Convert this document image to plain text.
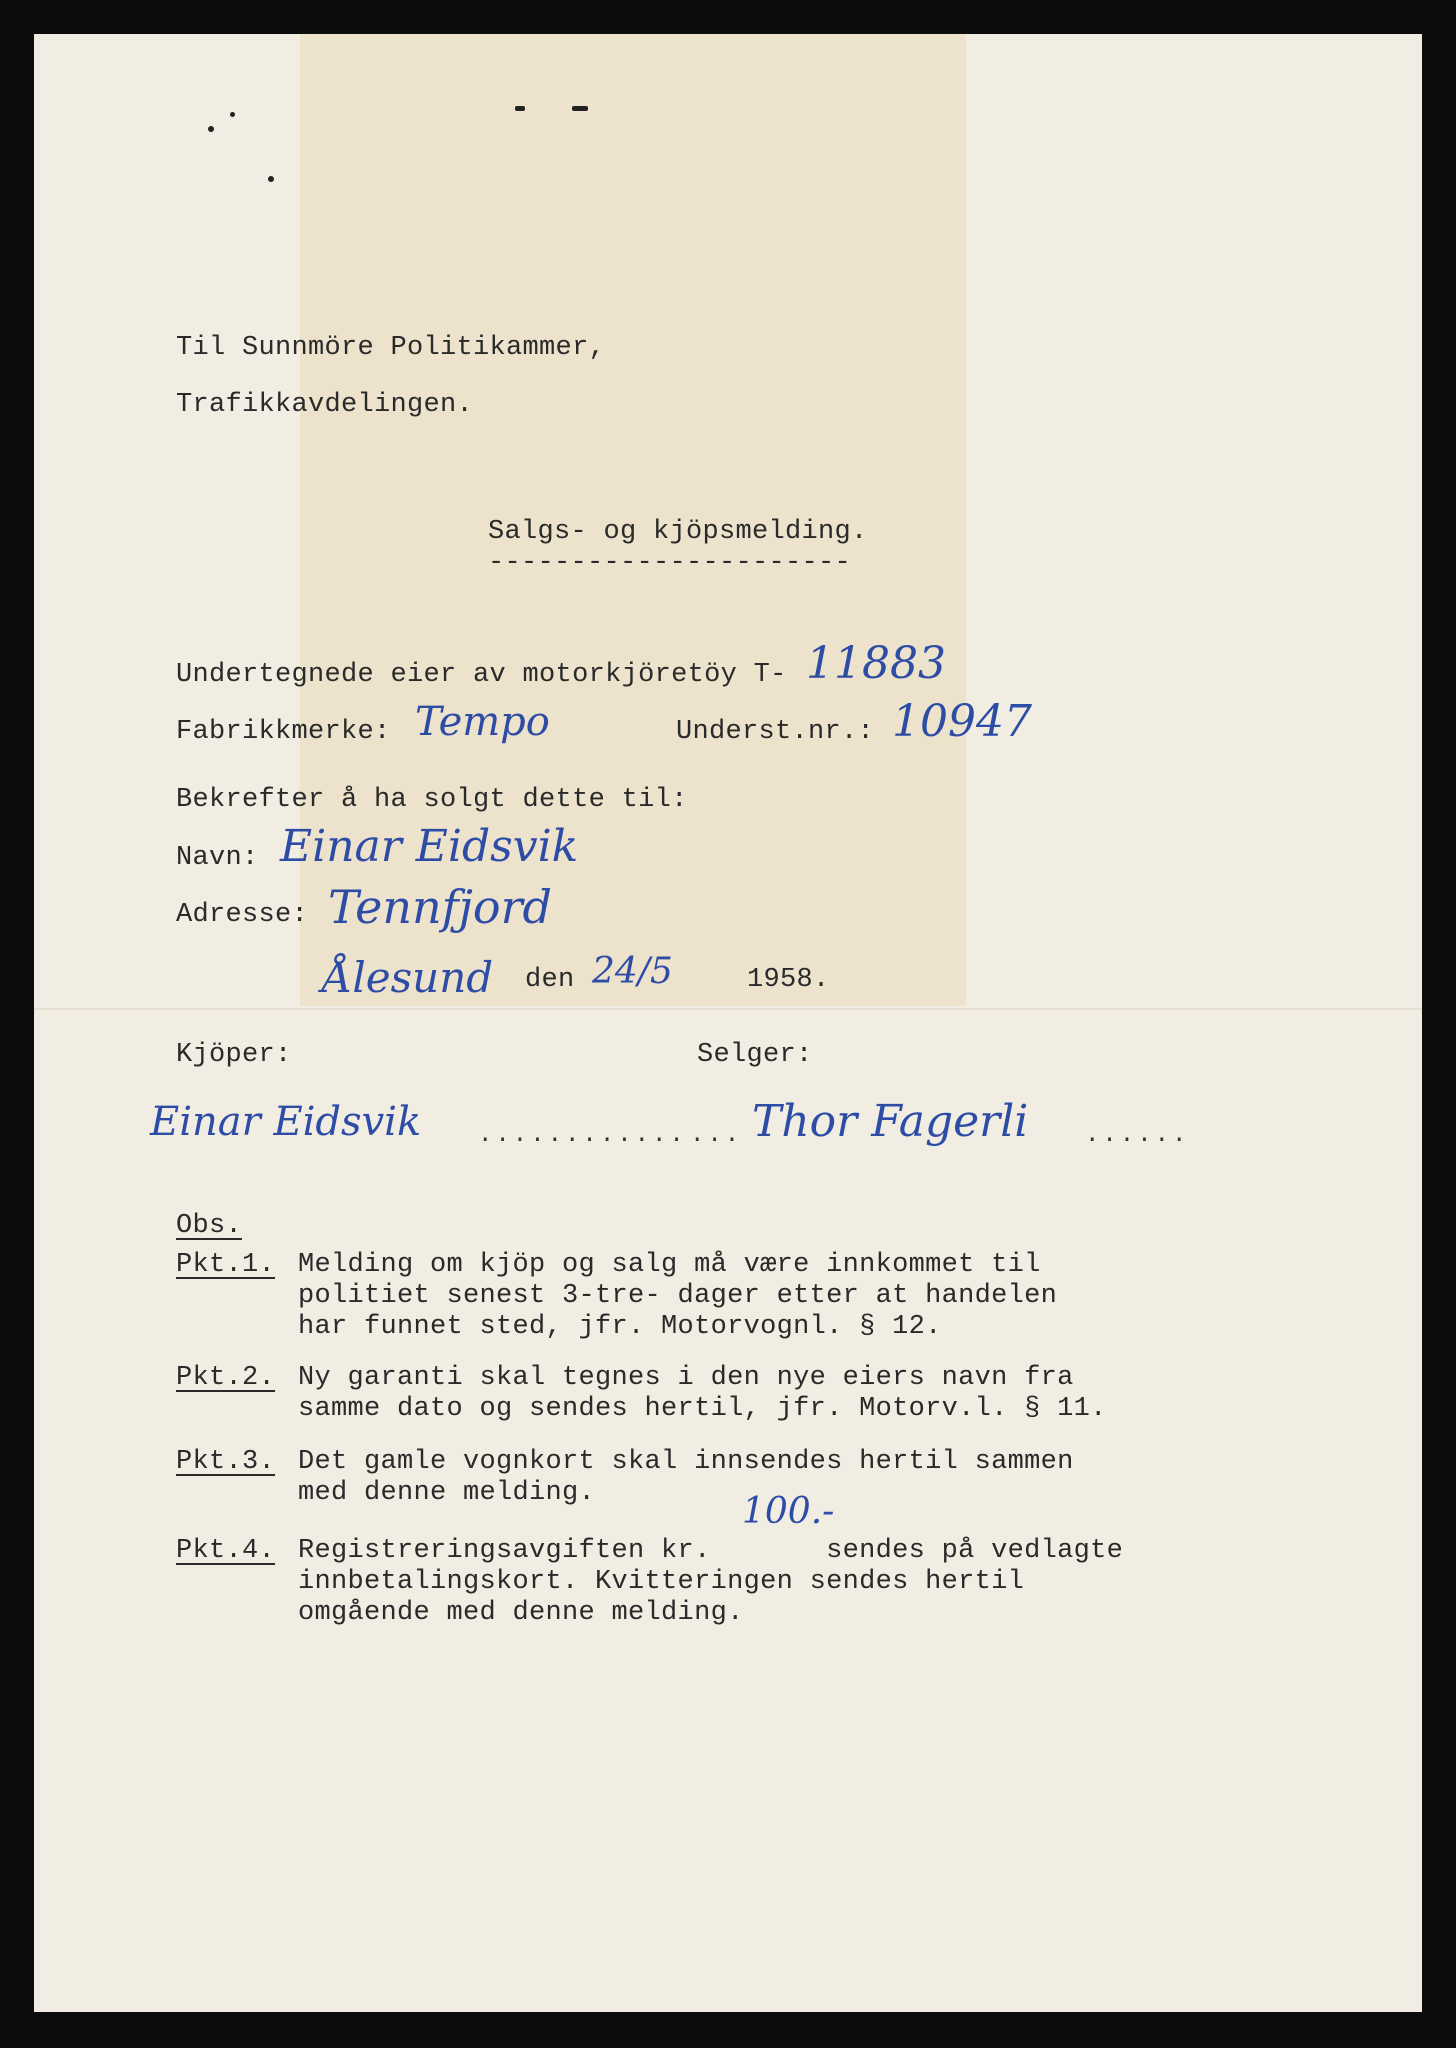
Til Sunnmöre Politikammer,
Trafikkavdelingen.
Salgs- og kjöpsmelding.
----------------------
Undertegnede eier av motorkjöretöy T- 11883
Fabrikkmerke: Tempo	Underst.nr.: 10947
Bekrefter å ha solgt dette til:
Navn: Einar Eidsvik
Adresse: Tennfjord
Ålesund den 24/5	1958.
Kjöper:	Selger:
Einar Eidsvik ............ ... Thor Fagerli ......
Obs.
Pkt.1. Melding om kjöp og salg må være innkommet til
politiet senest 3-tre- dager etter at handelen
har funnet sted, jfr. Motorvognl. § 12.
Pkt.2. Ny garanti skal tegnes i den nye eiers navn fra
samme dato og sendes hertil, jfr. Motorv.l. § 11.
Pkt.3. Det gamle vognkort skal innsendes hertil sammen
med denne melding.	100.-
Pkt.4. Registreringsavgiften kr.       sendes på vedlagte
innbetalingskort. Kvitteringen sendes hertil
omgående med denne melding.
